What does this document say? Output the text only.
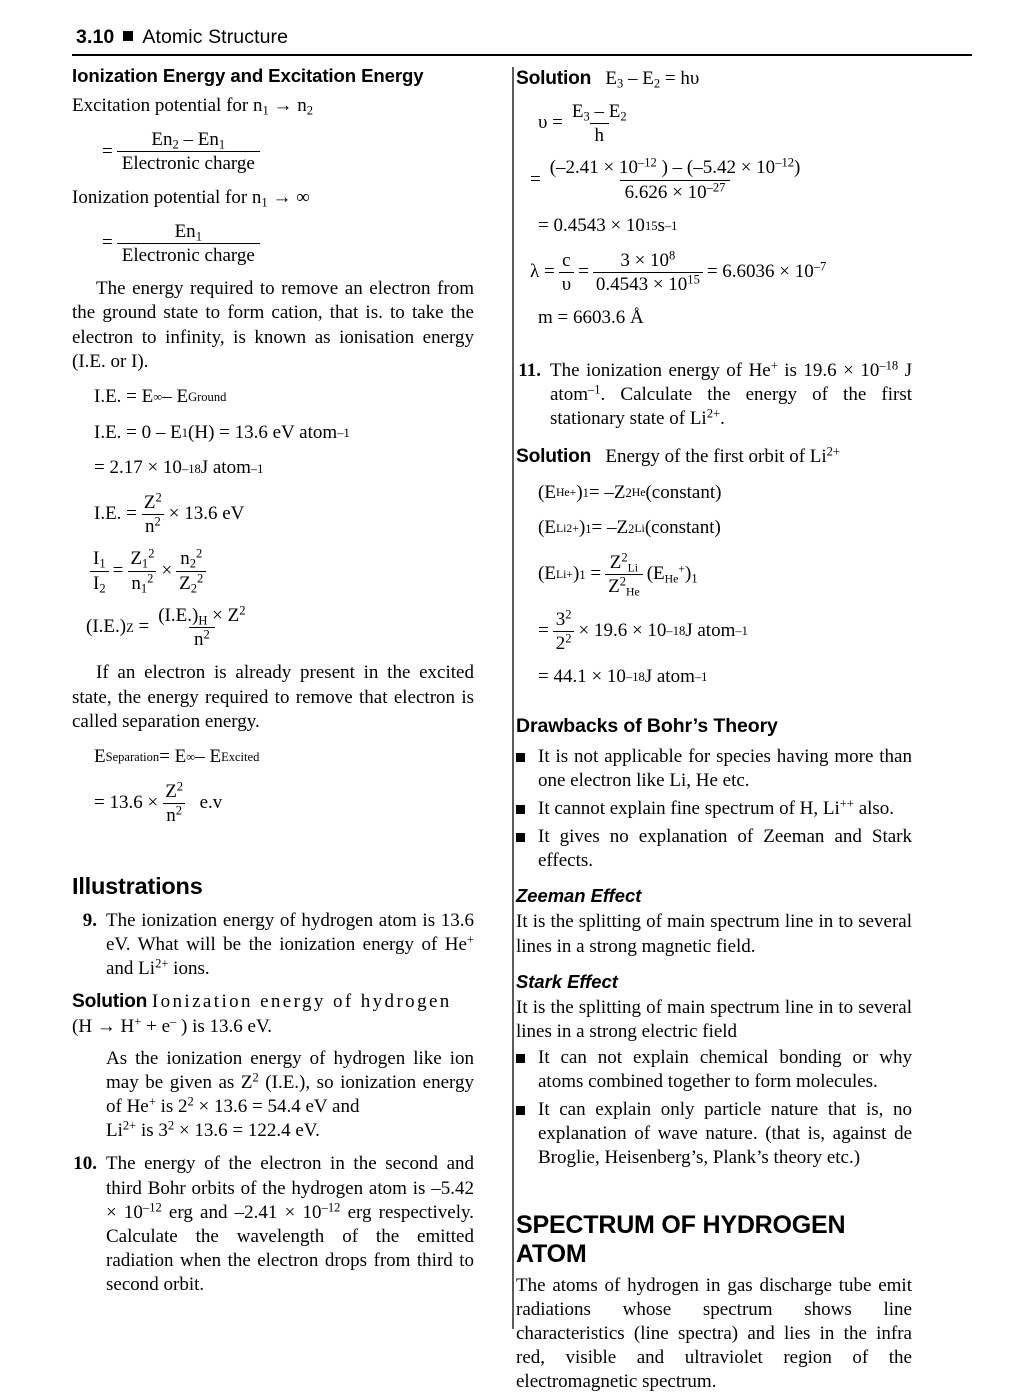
3.10 Atomic Structure
Ionization Energy and Excitation Energy

Excitation potential for $n_1 \to n_2$

= $\frac{En_2 - En_1}{\text{Electronic charge}}$

Ionization potential for $n_1$ → ∞

= $\frac{En_1}{\text{Electronic charge}}$

The energy required to remove an electron from the ground state to form cation, that is. to take the electron to infinity, is known as ionisation energy (I.E. or I).

I.E. = E ∞ – E Ground
I.E. = 0 – E 1 (H) = 13.6 eV atom –1
= 2.17 × 10 –18 J atom –1
I.E. = $\frac{Z^2}{n^2} \times 13.6$ eV
$\frac{I_1}{I_2} = \frac{Z_1^2}{n_1^2} \times \frac{n_2^2}{Z_2^2}$
(I.E.) Z
= $\frac{(I.E.)_H \times Z^2}{n^2}$

If an electron is already present in the excited state, the energy required to remove that electron is called separation energy.

E Separation = E ∞ – E Excited
= $13.6 \times \frac{Z^2}{n^2}$
e.v
Illustrations
9. The ionization energy of hydrogen atom is 13.6 eV. What will be the ionization energy of He+ and $Li^{2+}$ ions.
Solution Ionization energy of hydrogen
(H → H+ + e– ) is 13.6 eV.
As the ionization energy of hydrogen like ion may be given as $Z^2$ (I.E.), so ionization energy of He+ is $2^2 \times 13.6 = 54.4$ eV and
$Li^{2+}$ is $3^2 \times 13.6 = 122.4$ eV.
10. The energy of the electron in the second and third Bohr orbits of the hydrogen atom is $-5.42 \times 10^{-12}$ erg and $-2.41 \times 10^{-12}$ erg respectively. Calculate the wavelength of the emitted radiation when the electron drops from third to second orbit.
Solution
$E_3 - E_2 = h\upsilon$
$\upsilon = \frac{E_3 - E_2}{h}$
= $\frac{(-2.41 \times 10^{-12} ) - (-5.42 \times 10^{-12})}{6.626 \times 10^{-27}}$
= 0.4543 × 10 15 s –1
$\lambda = \frac{c}{\upsilon} = \frac{3 \times 10^8}{0.4543 \times 10^{15}} = 6.6036 \times 10^{-7}$
m = 6603.6 Å
11. The ionization energy of He+ is $19.6 \times 10^{-18}$ J atom$^{-1}$. Calculate the energy of the first stationary state of $Li^{2+}$.
Solution Energy of the first orbit of $Li^{2+}$
(E He + ) 1 = –Z 2 He (constant)
(E Li 2+ ) 1 = –Z 2 Li (constant)
(E Li + ) 1
= $\frac{Z^2Li}{Z^2He} (EHe^+)_1$
= $\frac{3^2}{2^2} \times 19.6 \times 10$ –18 J atom –1
= 44.1 × 10 –18 J atom –1
Drawbacks of Bohr’s Theory
It is not applicable for species having more than one electron like Li, He etc.
It cannot explain fine spectrum of H, Li++ also.
It gives no explanation of Zeeman and Stark effects.
Zeeman Effect

It is the splitting of main spectrum line in to several lines in a strong magnetic field.

Stark Effect

It is the splitting of main spectrum line in to several lines in a strong electric field

It can not explain chemical bonding or why atoms combined together to form molecules.
It can explain only particle nature that is, no explanation of wave nature. (that is, against de Broglie, Heisenberg’s, Plank’s theory etc.)
SPECTRUM OF HYDROGEN ATOM

The atoms of hydrogen in gas discharge tube emit radiations whose spectrum shows line characteristics (line spectra) and lies in the infra red, visible and ultraviolet region of the electromagnetic spectrum.
